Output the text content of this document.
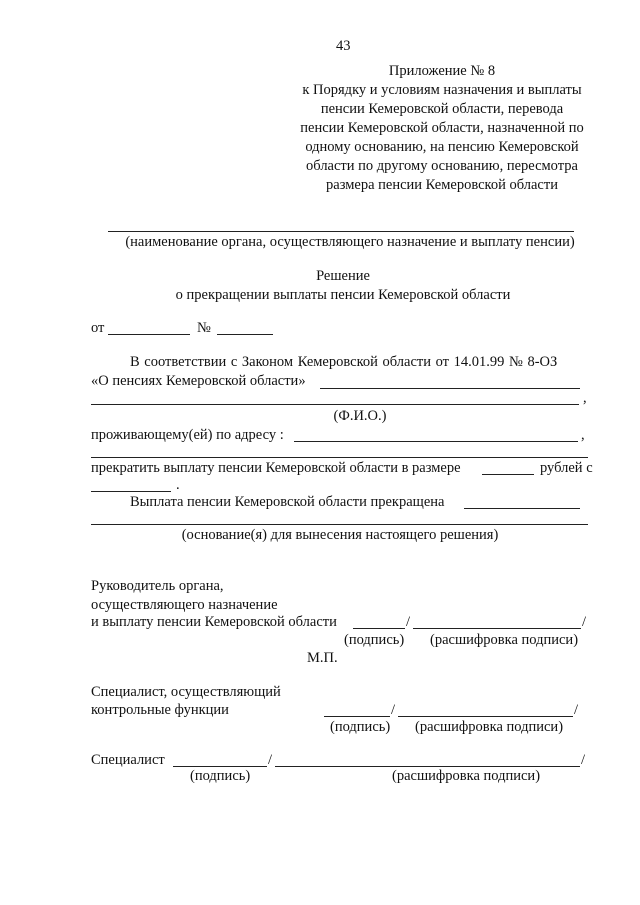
43
Приложение № 8
к Порядку и условиям назначения и выплаты
пенсии Кемеровской области, перевода
пенсии Кемеровской области, назначенной по
одному основанию, на пенсию Кемеровской
области по другому основанию, пересмотра
размера пенсии Кемеровской области
(наименование органа, осуществляющего назначение и выплату пенсии)
Решение
о прекращении выплаты пенсии Кемеровской области
от	№
В соответствии с Законом Кемеровской области от 14.01.99 № 8-ОЗ
«О пенсиях Кемеровской области»
,
(Ф.И.О.)
проживающему(ей) по адресу :	,
прекратить выплату пенсии Кемеровской области в размере	рублей с
.
Выплата пенсии Кемеровской области прекращена
(основание(я) для вынесения настоящего решения)
Руководитель органа,
осуществляющего назначение
и выплату пенсии Кемеровской области	/	/
(подпись) (расшифровка подписи)
М.П.
Специалист, осуществляющий
контрольные функции	/	/
(подпись) (расшифровка подписи)
Специалист	/	/
(подпись)	(расшифровка подписи)
